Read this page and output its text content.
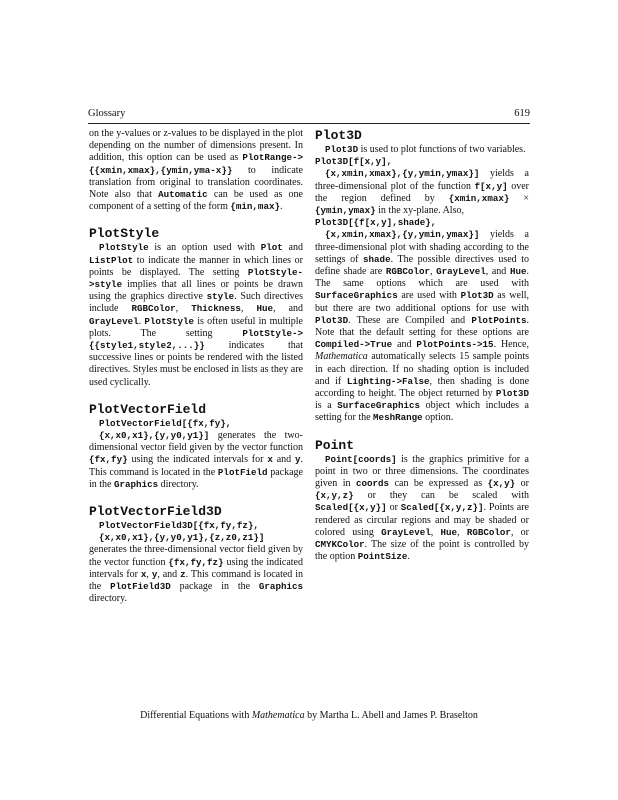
Glossary	619

on the y-values or z-values to be displayed in the plot depending on the number of dimensions present. In addition, this option can be used as PlotRange->{{xmin,xmax},{ymin,yma-x}} to indicate translation from original to translation coordinates. Note also that Automatic can be used as one component of a setting of the form {min,max}.

PlotStyle

PlotStyle is an option used with Plot and ListPlot to indicate the manner in which lines or points be displayed. The setting PlotStyle->style implies that all lines or points be drawn using the graphics directive style. Such directives include RGBColor, Thickness, Hue, and GrayLevel. PlotStyle is often useful in multiple plots. The setting PlotStyle->{{style1,style2,...}} indicates that successive lines or points be rendered with the listed directives. Styles must be enclosed in lists as they are used cyclically.

PlotVectorField

PlotVectorField[{fx,fy},

{x,x0,x1},{y,y0,y1}] generates the two-dimensional vector field given by the vector function {fx,fy} using the indicated intervals for x and y. This command is located in the PlotField package in the Graphics directory.

PlotVectorField3D

PlotVectorField3D[{fx,fy,fz},

{x,x0,x1},{y,y0,y1},{z,z0,z1}]

generates the three-dimensional vector field given by the vector function {fx,fy,fz} using the indicated intervals for x, y, and z. This command is located in the PlotField3D package in the Graphics directory.

Plot3D

Plot3D is used to plot functions of two variables.

Plot3D[f[x,y],

{x,xmin,xmax},{y,ymin,ymax}] yields a three-dimensional plot of the function f[x,y] over the region defined by {xmin,xmax} × {ymin,ymax} in the xy-plane. Also,

Plot3D[{f[x,y],shade},

{x,xmin,xmax},{y,ymin,ymax}] yields a three-dimensional plot with shading according to the settings of shade. The possible directives used to define shade are RGBColor, GrayLevel, and Hue. The same options which are used with SurfaceGraphics are used with Plot3D as well, but there are two additional options for use with Plot3D. These are Compiled and PlotPoints. Note that the default setting for these options are Compiled->True and PlotPoints->15. Hence, Mathematica automatically selects 15 sample points in each direction. If no shading option is included and if Lighting->False, then shading is done according to height. The object returned by Plot3D is a SurfaceGraphics object which includes a setting for the MeshRange option.

Point

Point[coords] is the graphics primitive for a point in two or three dimensions. The coordinates given in coords can be expressed as {x,y} or {x,y,z} or they can be scaled with Scaled[{x,y}] or Scaled[{x,y,z}]. Points are rendered as circular regions and may be shaded or colored using GrayLevel, Hue, RGBColor, or CMYKColor. The size of the point is controlled by the option PointSize.

Differential Equations with Mathematica by Martha L. Abell and James P. Braselton
